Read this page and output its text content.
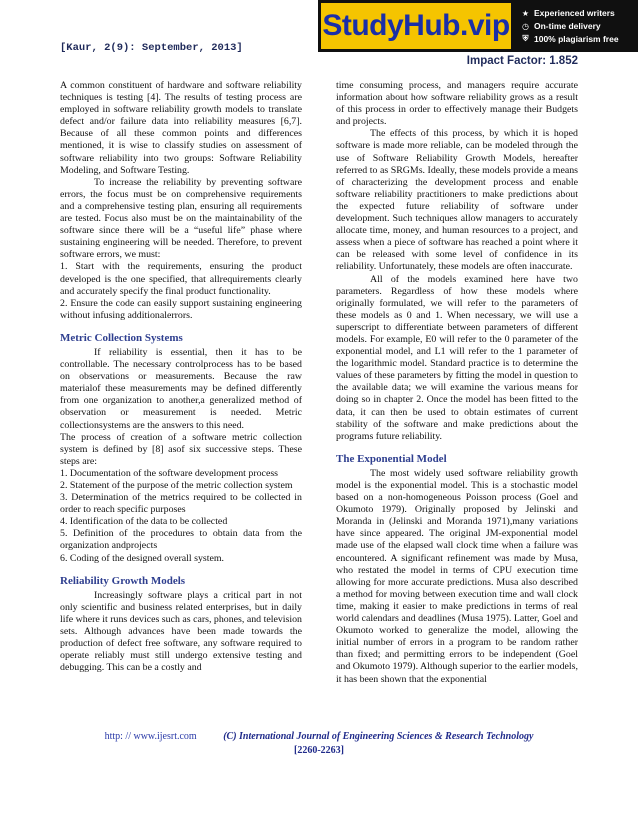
[Kaur, 2(9): September, 2013]
StudyHub.vip ★ Experienced writers
◷ On-time delivery
⛨ 100% plagiarism free
Impact Factor: 1.852

A common constituent of hardware and software reliability techniques is testing [4]. The results of testing process are employed in software reliability growth models to translate defect and/or failure data into reliability measures [6,7]. Because of all these common points and differences mentioned, it is wise to classify studies on assessment of software reliability into two groups: Software Reliability Modeling, and Software Testing.

To increase the reliability by preventing software errors, the focus must be on comprehensive requirements and a comprehensive testing plan, ensuring all requirements are tested. Focus also must be on the maintainability of the software since there will be a “useful life” phase where sustaining engineering will be needed. Therefore, to prevent software errors, we must:

1. Start with the requirements, ensuring the product developed is the one specified, that allrequirements clearly and accurately specify the final product functionality.

2. Ensure the code can easily support sustaining engineering without infusing additionalerrors.

Metric Collection Systems

If reliability is essential, then it has to be controllable. The necessary controlprocess has to be based on observations or measurements. Because the raw materialof these measurements may be defined differently from one organization to another,a generalized method of observation or measurement is needed. Metric collectionsystems are the answers to this need.

The process of creation of a software metric collection system is defined by [8] asof six successive steps. These steps are:

1. Documentation of the software development process

2. Statement of the purpose of the metric collection system

3. Determination of the metrics required to be collected in order to reach specific purposes

4. Identification of the data to be collected

5. Definition of the procedures to obtain data from the organization andprojects

6. Coding of the designed overall system.

Reliability Growth Models

Increasingly software plays a critical part in not only scientific and business related enterprises, but in daily life where it runs devices such as cars, phones, and television sets. Although advances have been made towards the production of defect free software, any software required to operate reliably must still undergo extensive testing and debugging. This can be a costly and

time consuming process, and managers require accurate information about how software reliability grows as a result of this process in order to effectively manage their Budgets and projects.

The effects of this process, by which it is hoped software is made more reliable, can be modeled through the use of Software Reliability Growth Models, hereafter referred to as SRGMs. Ideally, these models provide a means of characterizing the development process and enable software reliability practitioners to make predictions about the expected future reliability of software under development. Such techniques allow managers to accurately allocate time, money, and human resources to a project, and assess when a piece of software has reached a point where it can be released with some level of confidence in its reliability. Unfortunately, these models are often inaccurate.

All of the models examined here have two parameters. Regardless of how these models where originally formulated, we will refer to the parameters of these models as 0 and 1. When necessary, we will use a superscript to differentiate between parameters of different models. For example, E0 will refer to the 0 parameter of the exponential model, and L1 will refer to the 1 parameter of the logarithmic model. Standard practice is to determine the values of these parameters by fitting the model in question to the available data; we will examine the various means for doing so in chapter 2. Once the model has been fitted to the data, it can then be used to obtain estimates of current stability of the software and make predictions about the programs future reliability.

The Exponential Model

The most widely used software reliability growth model is the exponential model. This is a stochastic model based on a non-homogeneous Poisson process (Goel and Okumoto 1979). Originally proposed by Jelinski and Moranda in (Jelinski and Moranda 1971),many variations have since appeared. The original JM-exponential model made use of the elapsed wall clock time when a failure was encountered. A significant refinement was made by Musa, who restated the model in terms of CPU execution time allowing for more accurate predictions. Musa also described a method for moving between execution time and wall clock time, making it easier to make predictions in terms of real world calendars and deadlines (Musa 1975). Latter, Goel and Okumoto worked to generalize the model, allowing the initial number of errors in a program to be random rather than fixed; and permitting errors to be independent (Goel and Okumoto 1979). Although superior to the earlier models, it has been shown that the exponential

http: // www.ijesrt.com	(C) International Journal of Engineering Sciences & Research Technology
[2260-2263]
